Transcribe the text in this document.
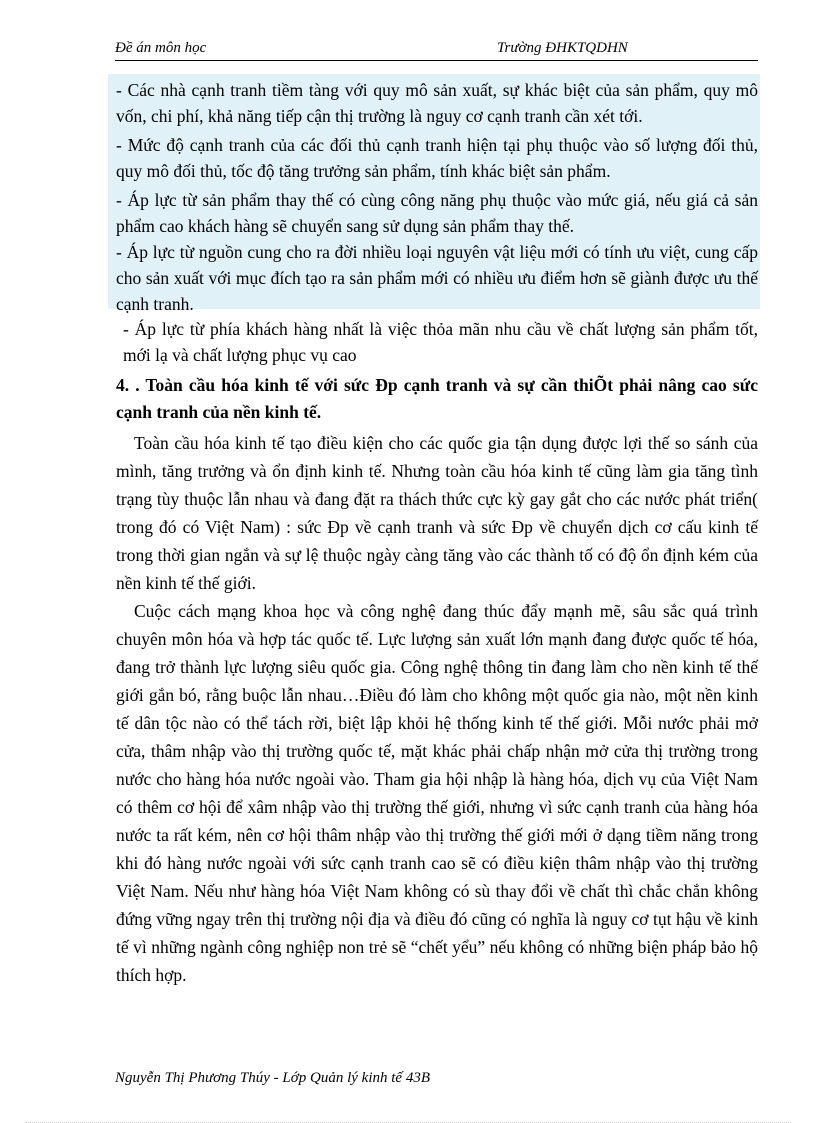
Đề án môn học	Trường ĐHKTQDHN
- Các nhà cạnh tranh tiềm tàng với quy mô sản xuất, sự khác biệt của sản phẩm, quy mô vốn, chi phí, khả năng tiếp cận thị trường là nguy cơ cạnh tranh cần xét tới.
- Mức độ cạnh tranh của các đối thủ cạnh tranh hiện tại phụ thuộc vào số lượng đối thủ, quy mô đối thủ, tốc độ tăng trưởng sản phẩm, tính khác biệt sản phẩm.
- Áp lực từ sản phẩm thay thế có cùng công năng phụ thuộc vào mức giá, nếu giá cả sản phẩm cao khách hàng sẽ chuyển sang sử dụng sản phẩm thay thế.
- Áp lực từ nguồn cung cho ra đời nhiều loại nguyên vật liệu mới có tính ưu việt, cung cấp cho sản xuất với mục đích tạo ra sản phẩm mới có nhiều ưu điểm hơn sẽ giành được ưu thế cạnh tranh.
- Áp lực từ phía khách hàng nhất là việc thỏa mãn nhu cầu về chất lượng sản phẩm tốt, mới lạ và chất lượng phục vụ cao
4. . Toàn cầu hóa kinh tế với sức Ðp cạnh tranh và sự cần thiÕt phải nâng cao sức cạnh tranh của nền kinh tế.
Toàn cầu hóa kinh tế tạo điều kiện cho các quốc gia tận dụng được lợi thế so sánh của mình, tăng trưởng và ổn định kinh tế. Nhưng toàn cầu hóa kinh tế cũng làm gia tăng tình trạng tùy thuộc lẫn nhau và đang đặt ra thách thức cực kỳ gay gắt cho các nước phát triển( trong đó có Việt Nam) : sức Ðp về cạnh tranh và sức Ðp về chuyển dịch cơ cấu kinh tế trong thời gian ngắn và sự lệ thuộc ngày càng tăng vào các thành tố có độ ổn định kém của nền kinh tế thế giới.
Cuộc cách mạng khoa học và công nghệ đang thúc đẩy mạnh mẽ, sâu sắc quá trình chuyên môn hóa và hợp tác quốc tế. Lực lượng sản xuất lớn mạnh đang được quốc tế hóa, đang trở thành lực lượng siêu quốc gia. Công nghệ thông tin đang làm cho nền kinh tế thế giới gắn bó, rằng buộc lẫn nhau…Điều đó làm cho không một quốc gia nào, một nền kinh tế dân tộc nào có thể tách rời, biệt lập khỏi hệ thống kinh tế thế giới. Mỗi nước phải mở cửa, thâm nhập vào thị trường quốc tế, mặt khác phải chấp nhận mở cửa thị trường trong nước cho hàng hóa nước ngoài vào. Tham gia hội nhập là hàng hóa, dịch vụ của Việt Nam có thêm cơ hội để xâm nhập vào thị trường thế giới, nhưng vì sức cạnh tranh của hàng hóa nước ta rất kém, nên cơ hội thâm nhập vào thị trường thế giới mới ở dạng tiềm năng trong khi đó hàng nước ngoài với sức cạnh tranh cao sẽ có điều kiện thâm nhập vào thị trường Việt Nam. Nếu như hàng hóa Việt Nam không có sù thay đổi về chất thì chắc chắn không đứng vững ngay trên thị trường nội địa và điều đó cũng có nghĩa là nguy cơ tụt hậu về kinh tế vì những ngành công nghiệp non trẻ sẽ “chết yểu” nếu không có những biện pháp bảo hộ thích hợp.
Nguyễn Thị Phương Thúy - Lớp Quản lý kinh tế 43B
